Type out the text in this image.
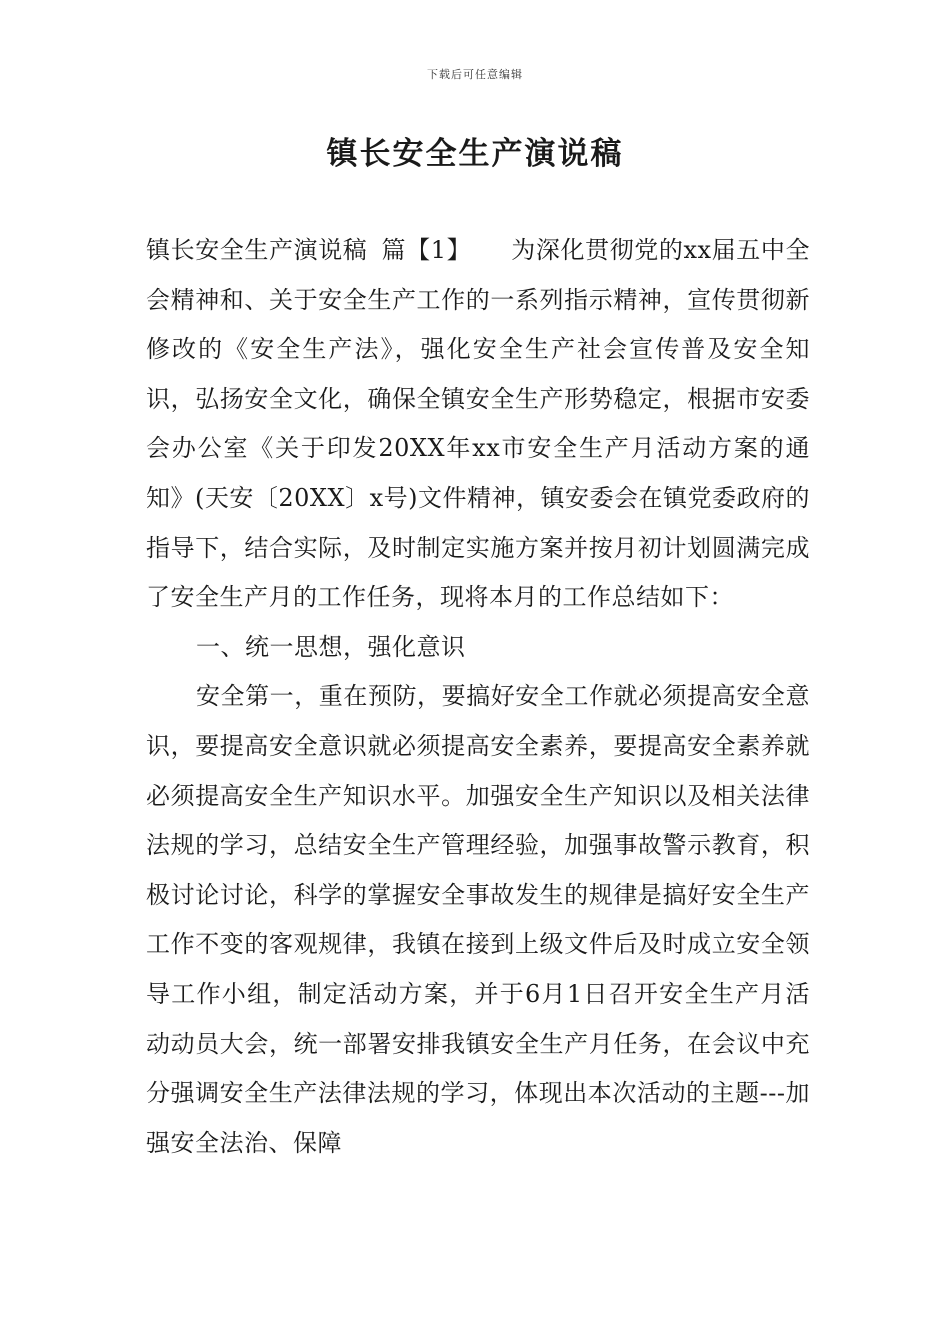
下载后可任意编辑
镇长安全生产演说稿

镇长安全生产演说稿 篇【1】 为深化贯彻党的xx届五中全会精神和、关于安全生产工作的一系列指示精神，宣传贯彻新修改的《安全生产法》，强化安全生产社会宣传普及安全知识，弘扬安全文化，确保全镇安全生产形势稳定，根据市安委会办公室《关于印发20XX年xx市安全生产月活动方案的通知》(天安〔20XX〕x号)文件精神，镇安委会在镇党委政府的指导下，结合实际，及时制定实施方案并按月初计划圆满完成了安全生产月的工作任务，现将本月的工作总结如下：

一、统一思想，强化意识

安全第一，重在预防，要搞好安全工作就必须提高安全意识，要提高安全意识就必须提高安全素养，要提高安全素养就必须提高安全生产知识水平。加强安全生产知识以及相关法律法规的学习，总结安全生产管理经验，加强事故警示教育，积极讨论讨论，科学的掌握安全事故发生的规律是搞好安全生产工作不变的客观规律，我镇在接到上级文件后及时成立安全领导工作小组，制定活动方案，并于6月1日召开安全生产月活动动员大会，统一部署安排我镇安全生产月任务，在会议中充分强调安全生产法律法规的学习，体现出本次活动的主题---加强安全法治、保障
